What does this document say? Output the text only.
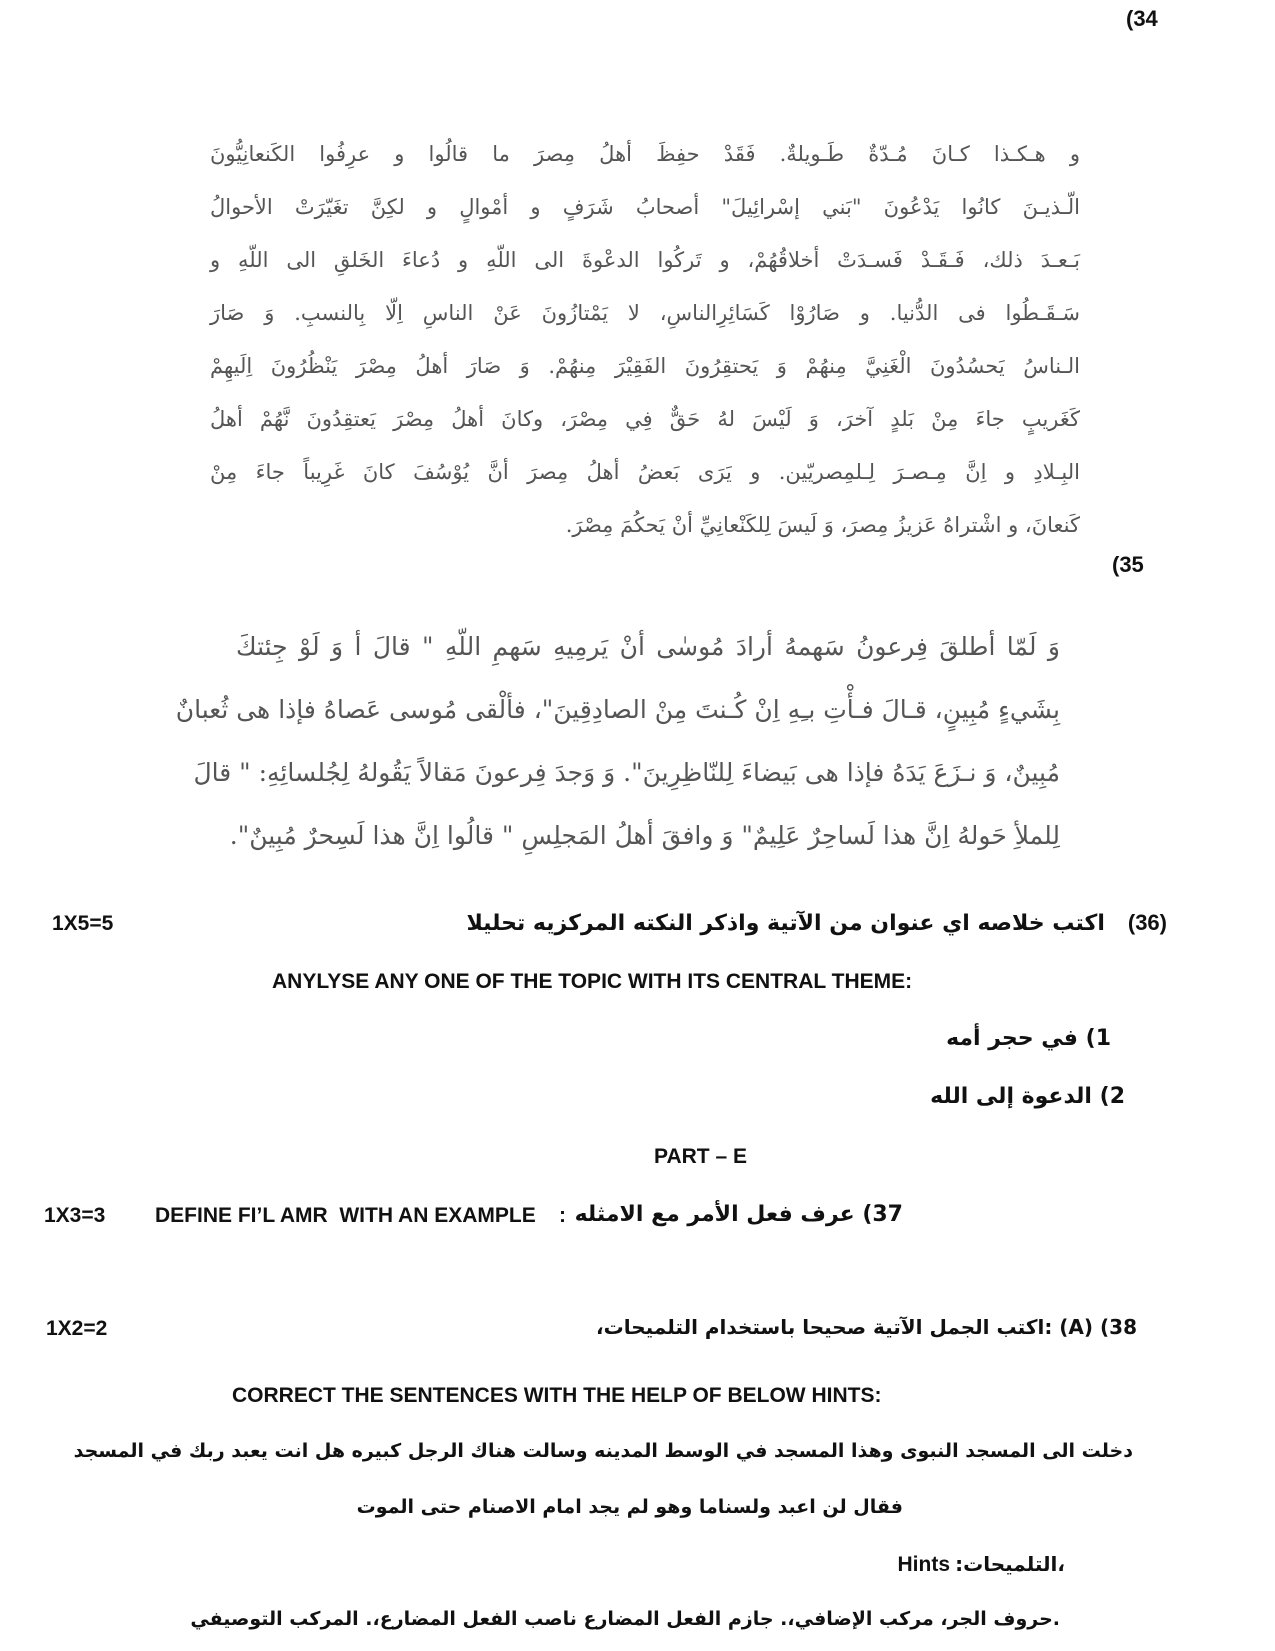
(34
و هـكـذا كـانَ مُـدّةٌ طَـويلةٌ. فَقَدْ حفِظَ أهلُ مِصرَ ما قالُوا و عرِفُوا الكَنعانِيُّونَ
الّـذيـنَ كانُوا يَدْعُونَ "بَني إسْرائِيلَ" أصحابُ شَرَفٍ و أمْوالٍ و لكِنَّ تغَيّرَتْ الأحوالُ
بَـعـدَ ذلك، فَـقَـدْ فَسـدَتْ أخلاقُهُمْ، و تَركُوا الدعْوةَ الى اللّهِ و دُعاءَ الخَلقِ الى اللّهِ و
سَـقَـطُوا فى الدُّنيا. و صَارُوْا كَسَائِرِالناسِ، لا يَمْتازُونَ عَنْ الناسِ اِلّا بِالنسبِ. وَ صَارَ
الـناسُ يَحسُدُونَ الْغَنِيَّ مِنهُمْ وَ يَحتقِرُونَ الفَقِيْرَ مِنهُمْ. وَ صَارَ أهلُ مِصْرَ يَنْظُرُونَ اِلَيهِمْ
كَغَريبٍ جاءَ مِنْ بَلدٍ آخرَ، وَ لَيْسَ لهُ حَقٌّ فِي مِصْرَ، وكانَ أهلُ مِصْرَ يَعتقِدُونَ نَّهُمْ أهلُ
البِـلادِ و اِنَّ مِـصـرَ لِـلمِصريّين. و يَرَى بَعضُ أهلُ مِصرَ أنَّ يُوْسُفَ كانَ غَرِيباً جاءَ مِنْ
كَنعانَ، و اشْتراهُ عَزيزُ مِصرَ، وَ لَيسَ لِلكَنْعانِيِّ أنْ يَحكُمَ مِصْرَ.
(35
وَ لَمّا أطلقَ فِرعونُ سَهمهُ أرادَ مُوسٰى أنْ يَرمِيهِ سَهمِ اللّهِ " قالَ أ وَ لَوْ جِئتكَ
بِشَيءٍ مُبِينٍ، قـالَ فـأْتِ بـِهِ اِنْ كُـنتَ مِنْ الصادِقِينَ"، فألْقى مُوسى عَصاهُ فإذا هى ثُعبانٌ
مُبِينٌ، وَ نـزَعَ يَدَهُ فإذا هى بَيضاءَ لِلنّاظِرِينَ". وَ وَجدَ فِرعونَ مَقالاً يَقُولهُ لِجُلسائِهِ: " قالَ
لِلملأِ حَولهُ اِنَّ هذا لَساحِرٌ عَلِيمٌ" وَ وافقَ أهلُ المَجلِسِ " قالُوا اِنَّ هذا لَسِحرٌ مُبِينٌ".
1X5=5	(36)   اكتب خلاصه اي عنوان من الآتية واذكر النكته المركزيه تحليلا
ANYLYSE ANY ONE OF THE TOPIC WITH ITS CENTRAL THEME:
1) في حجر أمه
2) الدعوة إلى الله
PART – E
1X3=3 DEFINE FI’L AMR  WITH AN EXAMPLE    : 37) عرف فعل الأمر مع الامثله
1X2=2	38) (A) :اكتب الجمل الآتية صحيحا باستخدام التلميحات،
CORRECT THE SENTENCES WITH THE HELP OF BELOW HINTS:
دخلت الى المسجد النبوى وهذا المسجد في الوسط المدينه وسالت هناك الرجل كبيره هل انت يعبد ربك في المسجد
فقال لن اعبد ولسناما وهو لم يجد امام الاصنام حتى الموت
Hints :التلميحات،
.حروف الجر، مركب الإضافي،. جازم الفعل المضارع ناصب الفعل المضارع،. المركب التوصيفي
